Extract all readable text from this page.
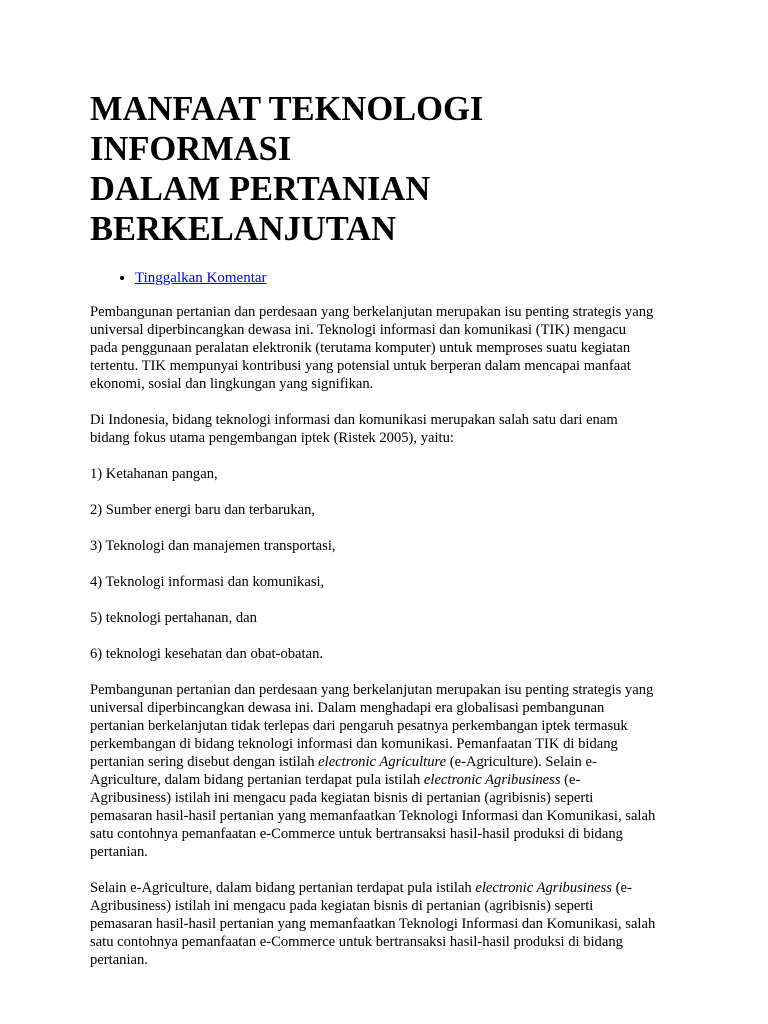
MANFAAT TEKNOLOGI INFORMASI
DALAM PERTANIAN BERKELANJUTAN
• Tinggalkan Komentar

Pembangunan pertanian dan perdesaan yang berkelanjutan merupakan isu penting strategis yang
universal diperbincangkan dewasa ini. Teknologi informasi dan komunikasi (TIK) mengacu
pada penggunaan peralatan elektronik (terutama komputer) untuk memproses suatu kegiatan
tertentu. TIK mempunyai kontribusi yang potensial untuk berperan dalam mencapai manfaat
ekonomi, sosial dan lingkungan yang signifikan.

Di Indonesia, bidang teknologi informasi dan komunikasi merupakan salah satu dari enam
bidang fokus utama pengembangan iptek (Ristek 2005), yaitu:

1) Ketahanan pangan,

2) Sumber energi baru dan terbarukan,

3) Teknologi dan manajemen transportasi,

4) Teknologi informasi dan komunikasi,

5) teknologi pertahanan, dan

6) teknologi kesehatan dan obat-obatan.

Pembangunan pertanian dan perdesaan yang berkelanjutan merupakan isu penting strategis yang
universal diperbincangkan dewasa ini. Dalam menghadapi era globalisasi pembangunan
pertanian berkelanjutan tidak terlepas dari pengaruh pesatnya perkembangan iptek termasuk
perkembangan di bidang teknologi informasi dan komunikasi. Pemanfaatan TIK di bidang
pertanian sering disebut dengan istilah electronic Agriculture (e-Agriculture). Selain e-
Agriculture, dalam bidang pertanian terdapat pula istilah electronic Agribusiness (e-
Agribusiness) istilah ini mengacu pada kegiatan bisnis di pertanian (agribisnis) seperti
pemasaran hasil-hasil pertanian yang memanfaatkan Teknologi Informasi dan Komunikasi, salah
satu contohnya pemanfaatan e-Commerce untuk bertransaksi hasil-hasil produksi di bidang
pertanian.

Selain e-Agriculture, dalam bidang pertanian terdapat pula istilah electronic Agribusiness (e-
Agribusiness) istilah ini mengacu pada kegiatan bisnis di pertanian (agribisnis) seperti
pemasaran hasil-hasil pertanian yang memanfaatkan Teknologi Informasi dan Komunikasi, salah
satu contohnya pemanfaatan e-Commerce untuk bertransaksi hasil-hasil produksi di bidang
pertanian.
